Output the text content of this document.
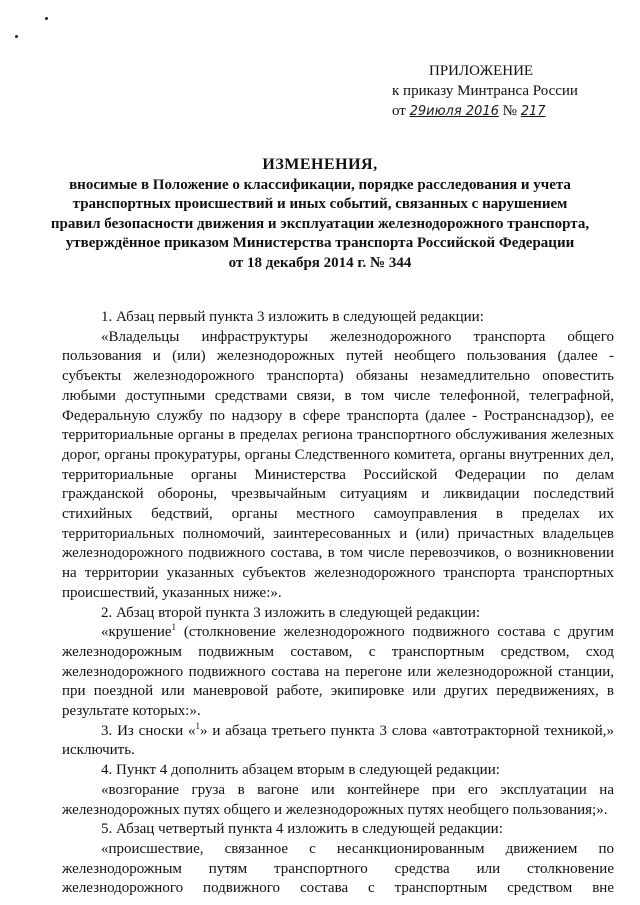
ПРИЛОЖЕНИЕ
к приказу Минтранса России
от 29июля 2016 № 217
ИЗМЕНЕНИЯ,
вносимые в Положение о классификации, порядке расследования и учета
транспортных происшествий и иных событий, связанных с нарушением
правил безопасности движения и эксплуатации железнодорожного транспорта,
утверждённое приказом Министерства транспорта Российской Федерации
от 18 декабря 2014 г. № 344

1. Абзац первый пункта 3 изложить в следующей редакции:

«Владельцы инфраструктуры железнодорожного транспорта общего пользования и (или) железнодорожных путей необщего пользования (далее - субъекты железнодорожного транспорта) обязаны незамедлительно оповестить любыми доступными средствами связи, в том числе телефонной, телеграфной, Федеральную службу по надзору в сфере транспорта (далее - Ространснадзор), ее территориальные органы в пределах региона транспортного обслуживания железных дорог, органы прокуратуры, органы Следственного комитета, органы внутренних дел, территориальные органы Министерства Российской Федерации по делам гражданской обороны, чрезвычайным ситуациям и ликвидации последствий стихийных бедствий, органы местного самоуправления в пределах их территориальных полномочий, заинтересованных и (или) причастных владельцев железнодорожного подвижного состава, в том числе перевозчиков, о возникновении на территории указанных субъектов железнодорожного транспорта транспортных происшествий, указанных ниже:».

2. Абзац второй пункта 3 изложить в следующей редакции:

«крушение$^1$ (столкновение железнодорожного подвижного состава с другим железнодорожным подвижным составом, с транспортным средством, сход железнодорожного подвижного состава на перегоне или железнодорожной станции, при поездной или маневровой работе, экипировке или других передвижениях, в результате которых:».

3. Из сноски «$^1$» и абзаца третьего пункта 3 слова «автотракторной техникой,» исключить.

4. Пункт 4 дополнить абзацем вторым в следующей редакции:

«возгорание груза в вагоне или контейнере при его эксплуатации на железнодорожных путях общего и железнодорожных путях необщего пользования;».

5. Абзац четвертый пункта 4 изложить в следующей редакции:

«происшествие, связанное с несанкционированным движением по железнодорожным путям транспортного средства или столкновение железнодорожного подвижного состава с транспортным средством вне
